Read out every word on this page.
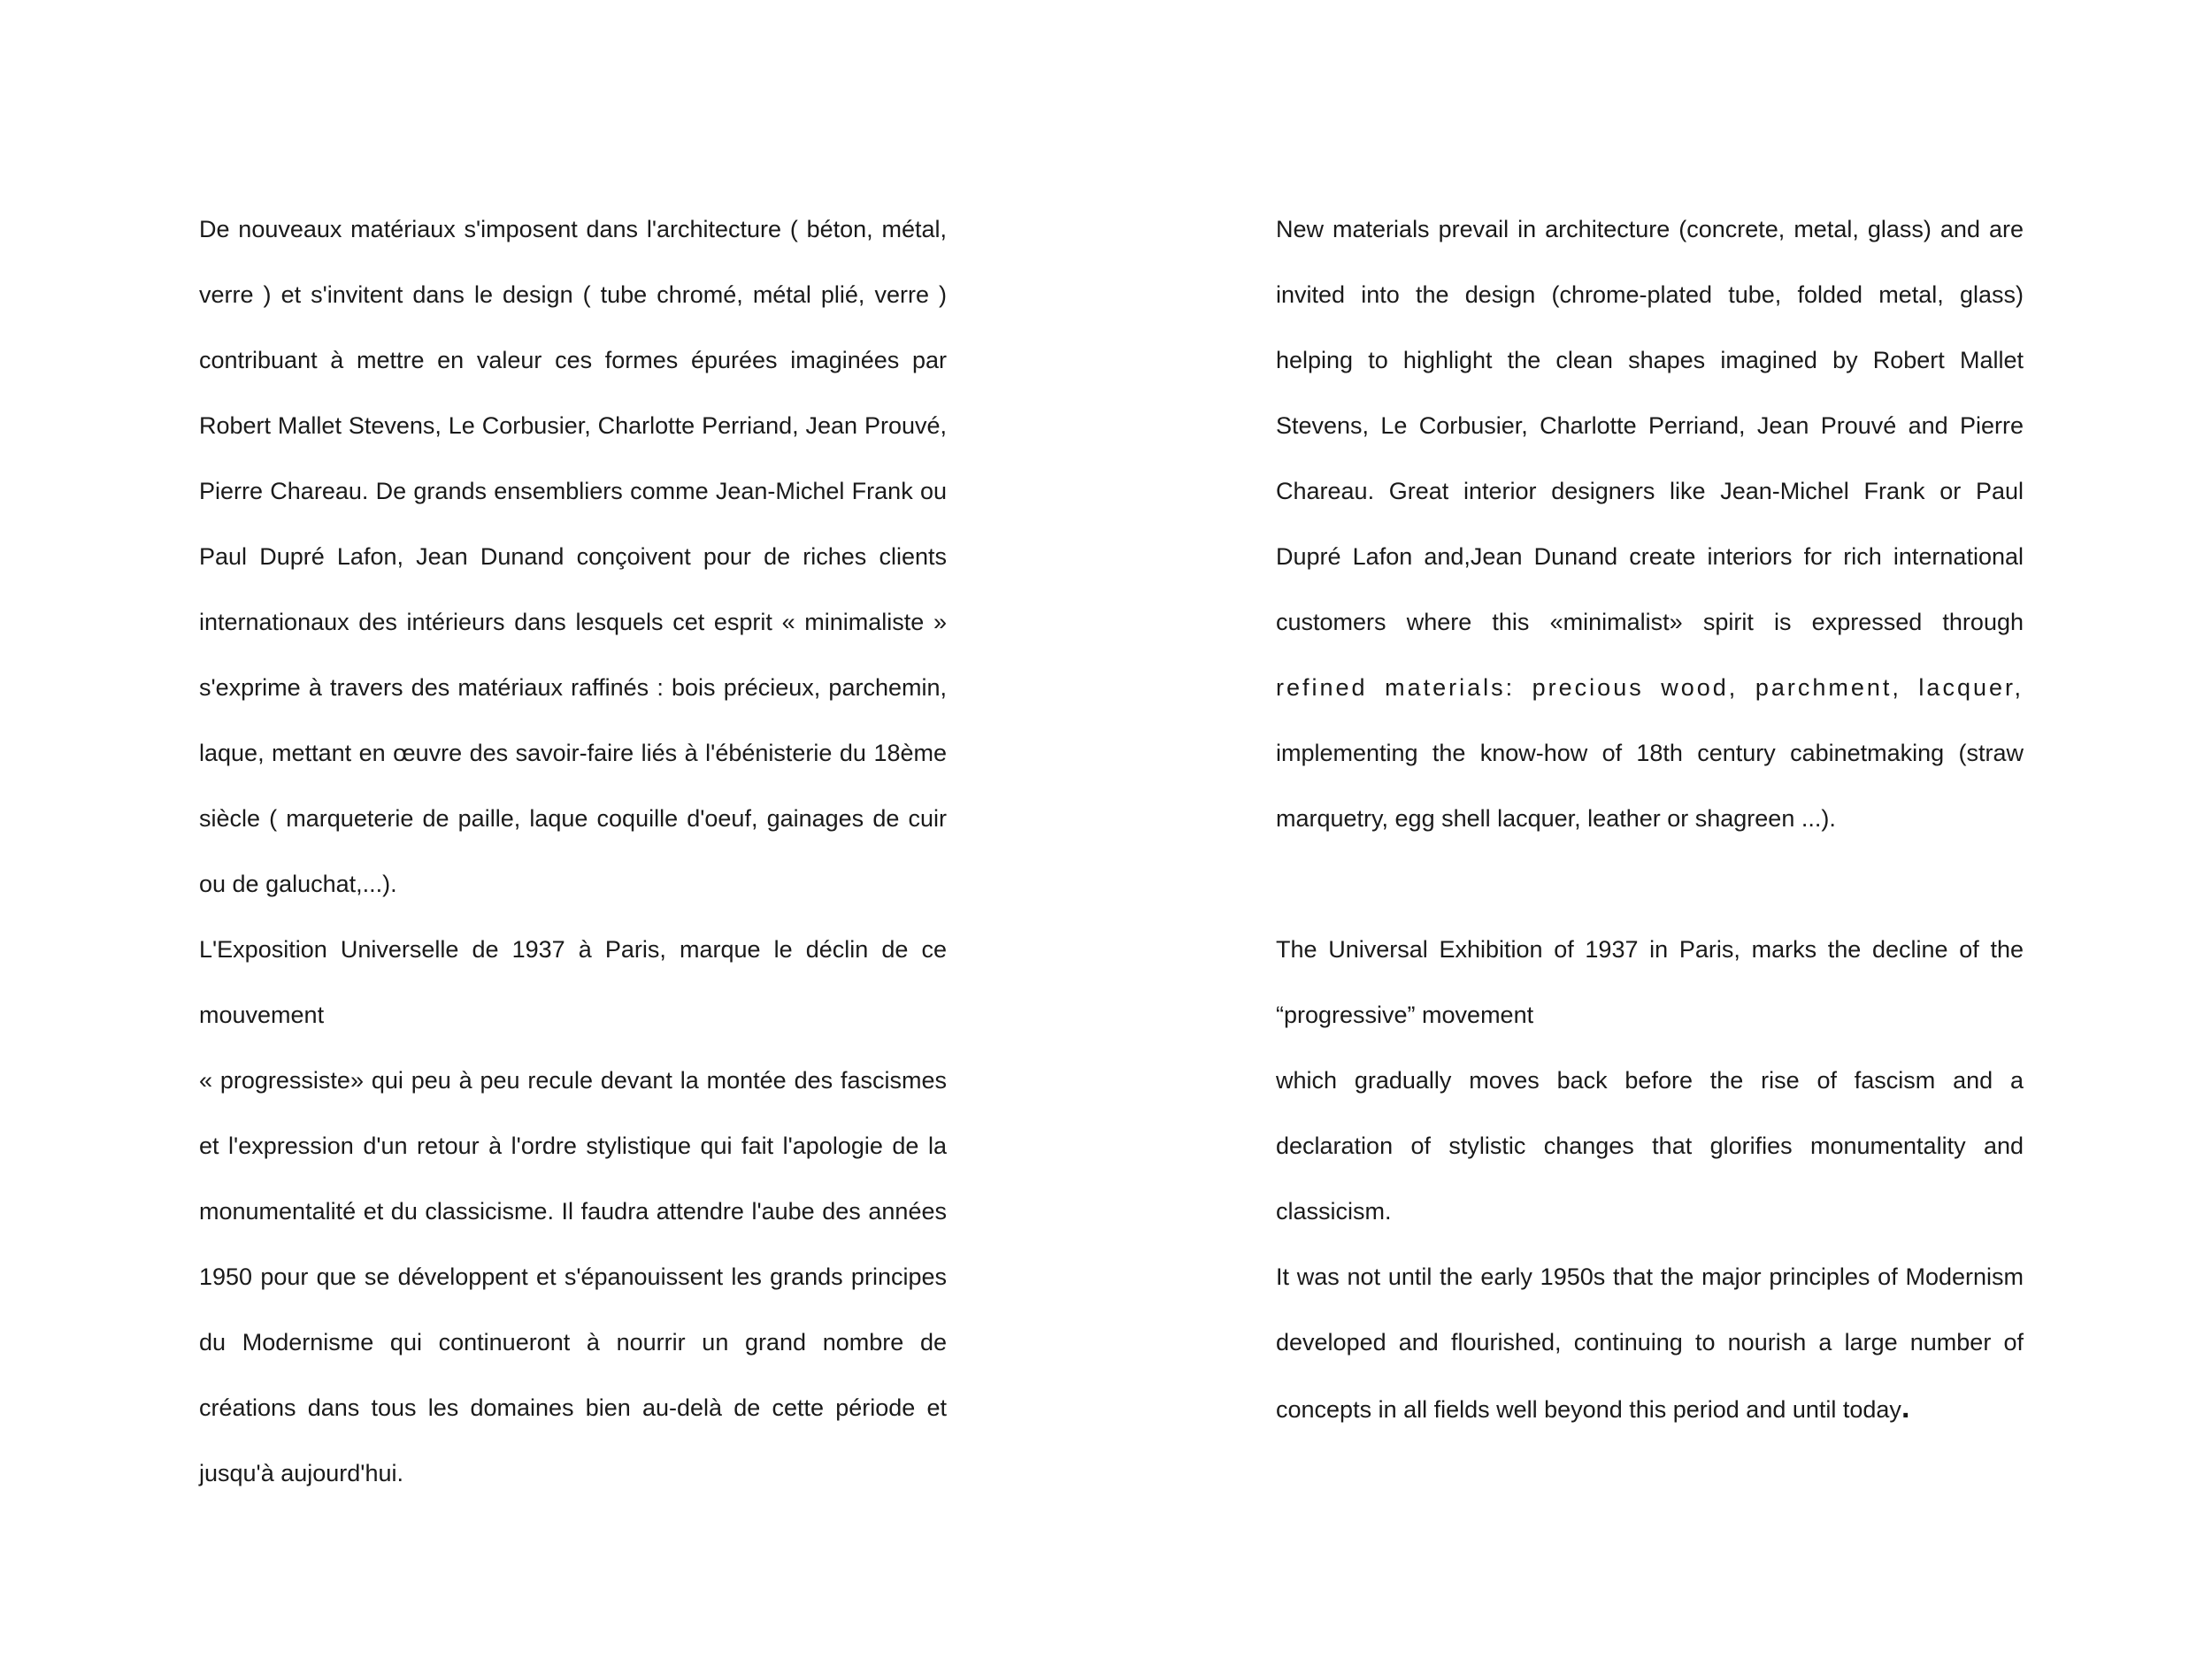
De nouveaux matériaux s'imposent dans l'architecture ( béton, métal, verre ) et s'invitent dans le design ( tube chromé, métal plié, verre ) contribuant à mettre en valeur ces formes épurées imaginées par Robert Mallet Stevens, Le Corbusier, Charlotte Perriand, Jean Prouvé, Pierre Chareau. De grands ensembliers comme Jean-Michel Frank ou Paul Dupré Lafon, Jean Dunand conçoivent pour de riches clients internationaux des intérieurs dans lesquels cet esprit « minimaliste » s'exprime à travers des matériaux raffinés : bois précieux, parchemin, laque, mettant en œuvre des savoir-faire liés à l'ébénisterie du 18ème siècle ( marqueterie de paille, laque coquille d'oeuf, gainages de cuir ou de galuchat,...).

L'Exposition Universelle de 1937 à Paris, marque le déclin de ce mouvement

« progressiste» qui peu à peu recule devant la montée des fascismes et l'expression d'un retour à l'ordre stylistique qui fait l'apologie de la monumentalité et du classicisme. Il faudra attendre l'aube des années 1950 pour que se développent et s'épanouissent les grands principes du Modernisme qui continueront à nourrir un grand nombre de créations dans tous les domaines bien au-delà de cette période et jusqu'à aujourd'hui.

New materials prevail in architecture (concrete, metal, glass) and are invited into the design (chrome-plated tube, folded metal, glass) helping to highlight the clean shapes imagined by Robert Mallet Stevens, Le Corbusier, Charlotte Perriand, Jean Prouvé and Pierre Chareau. Great interior designers like Jean-Michel Frank or Paul Dupré Lafon and,Jean Dunand create interiors for rich international customers where this «minimalist» spirit is expressed through refined materials: precious wood, parchment, lacquer, implementing the know-how of 18th century cabinetmaking (straw marquetry, egg shell lacquer, leather or shagreen ...).

The Universal Exhibition of 1937 in Paris, marks the decline of the “progressive” movement

which gradually moves back before the rise of fascism and a declaration of stylistic changes that glorifies monumentality and classicism.

It was not until the early 1950s that the major principles of Modernism developed and flourished, continuing to nourish a large number of concepts in all fields well beyond this period and until today.
